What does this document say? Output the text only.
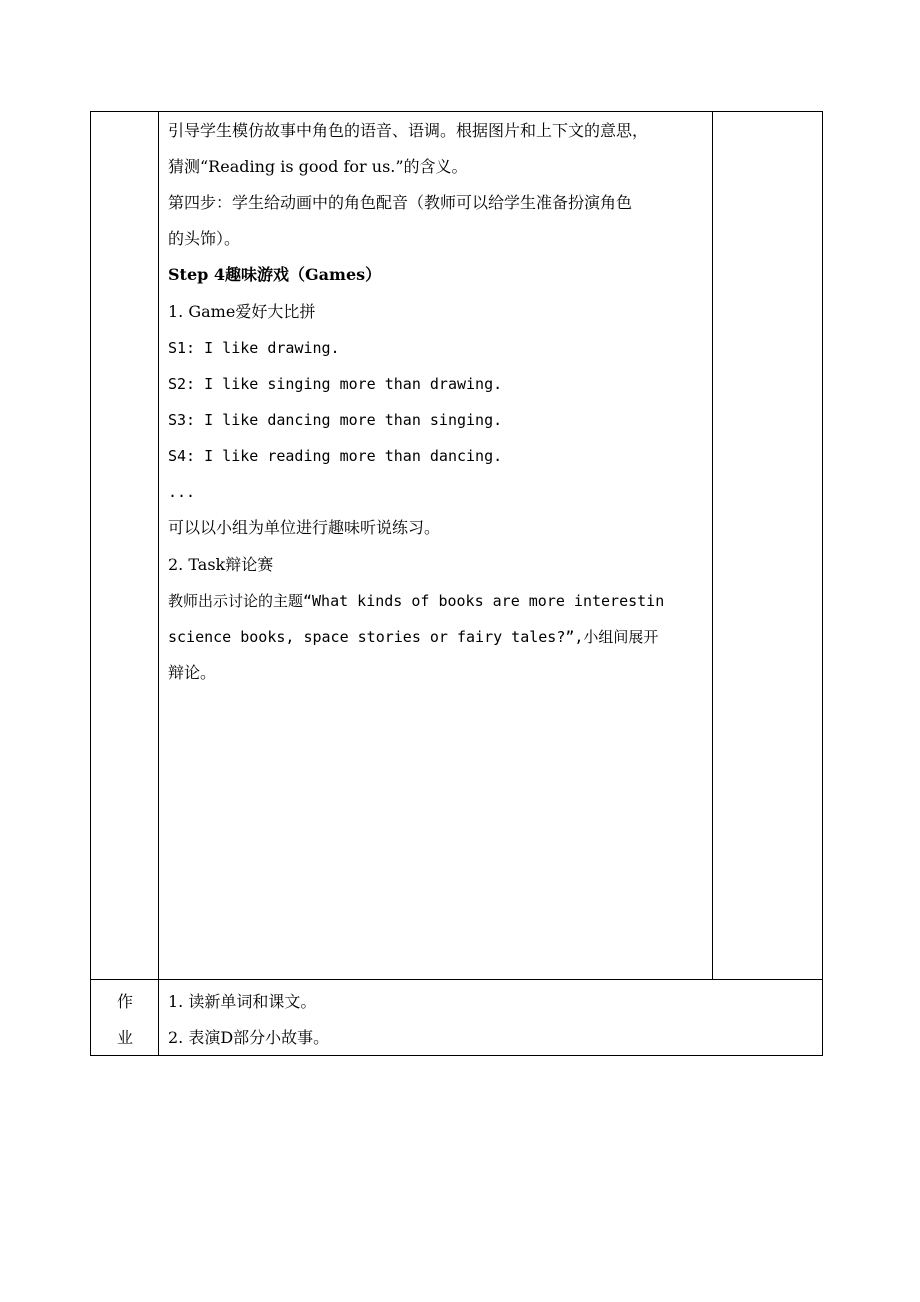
引导学生模仿故事中角色的语音、语调。根据图片和上下文的意思，
猜测“Reading is good for us.”的含义。
第四步：学生给动画中的角色配音（教师可以给学生准备扮演角色
的头饰）。
Step 4趣味游戏（Games）
1. Game爱好大比拼
S1: I like drawing.
S2: I like singing more than drawing.
S3: I like dancing more than singing.
S4: I like reading more than dancing.
...
可以以小组为单位进行趣味听说练习。
2. Task辩论赛
教师出示讨论的主题“What kinds of books are more interestin
science books, space stories or fairy tales?”,小组间展开
辩论。
作
业
1. 读新单词和课文。
2. 表演D部分小故事。
